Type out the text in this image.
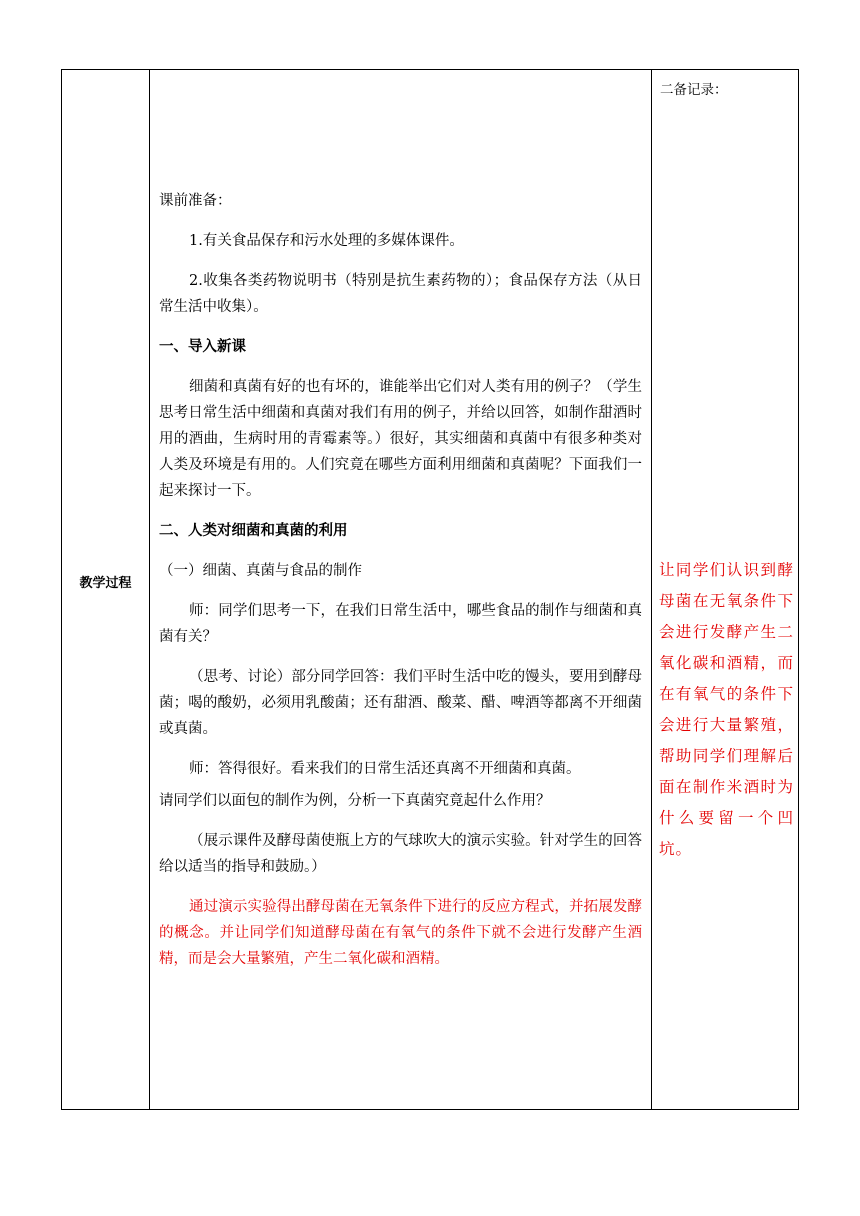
教学过程
二备记录：
让同学们认识到酵母菌在无氧条件下会进行发酵产生二氧化碳和酒精，而在有氧气的条件下会进行大量繁殖，帮助同学们理解后面在制作米酒时为什么要留一个凹坑。

课前准备：

1.有关食品保存和污水处理的多媒体课件。

2.收集各类药物说明书（特别是抗生素药物的）；食品保存方法（从日常生活中收集）。

一、导入新课

细菌和真菌有好的也有坏的，谁能举出它们对人类有用的例子？（学生思考日常生活中细菌和真菌对我们有用的例子，并给以回答，如制作甜酒时用的酒曲，生病时用的青霉素等。）很好，其实细菌和真菌中有很多种类对人类及环境是有用的。人们究竟在哪些方面利用细菌和真菌呢？下面我们一起来探讨一下。

二、人类对细菌和真菌的利用

（一）细菌、真菌与食品的制作

师：同学们思考一下，在我们日常生活中，哪些食品的制作与细菌和真菌有关？

（思考、讨论）部分同学回答：我们平时生活中吃的馒头，要用到酵母菌；喝的酸奶，必须用乳酸菌；还有甜酒、酸菜、醋、啤酒等都离不开细菌或真菌。

师：答得很好。看来我们的日常生活还真离不开细菌和真菌。

请同学们以面包的制作为例，分析一下真菌究竟起什么作用？

（展示课件及酵母菌使瓶上方的气球吹大的演示实验。针对学生的回答给以适当的指导和鼓励。）

通过演示实验得出酵母菌在无氧条件下进行的反应方程式，并拓展发酵的概念。并让同学们知道酵母菌在有氧气的条件下就不会进行发酵产生酒精，而是会大量繁殖，产生二氧化碳和酒精。
